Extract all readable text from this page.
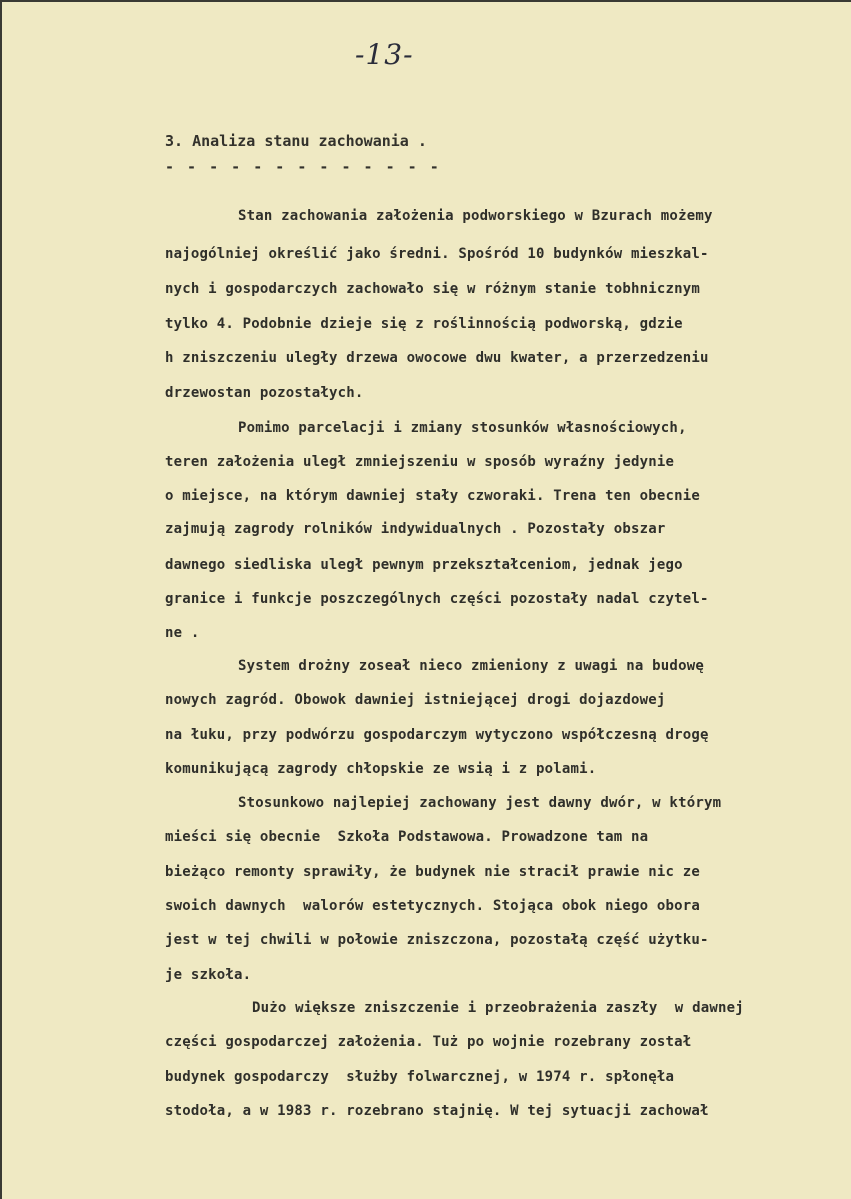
-13-
3. Analiza stanu zachowania .
- - - - - - - - - - - - -
Stan zachowania założenia podworskiego w Bzurach możemy
najogólniej określić jako średni. Spośród 10 budynków mieszkal-
nych i gospodarczych zachowało się w różnym stanie tobhnicznym
tylko 4. Podobnie dzieje się z roślinnością podworską, gdzie
h zniszczeniu uległy drzewa owocowe dwu kwater, a przerzedzeniu
drzewostan pozostałych.
Pomimo parcelacji i zmiany stosunków własnościowych,
teren założenia uległ zmniejszeniu w sposób wyraźny jedynie
o miejsce, na którym dawniej stały czworaki. Trena ten obecnie
zajmują zagrody rolników indywidualnych . Pozostały obszar
dawnego siedliska uległ pewnym przekształceniom, jednak jego
granice i funkcje poszczególnych części pozostały nadal czytel-
ne .
System drożny zoseał nieco zmieniony z uwagi na budowę
nowych zagród. Obowok dawniej istniejącej drogi dojazdowej
na łuku, przy podwórzu gospodarczym wytyczono współczesną drogę
komunikującą zagrody chłopskie ze wsią i z polami.
Stosunkowo najlepiej zachowany jest dawny dwór, w którym
mieści się obecnie  Szkoła Podstawowa. Prowadzone tam na
bieżąco remonty sprawiły, że budynek nie stracił prawie nic ze
swoich dawnych  walorów estetycznych. Stojąca obok niego obora
jest w tej chwili w połowie zniszczona, pozostałą część użytku-
je szkoła.
Dużo większe zniszczenie i przeobrażenia zaszły  w dawnej
części gospodarczej założenia. Tuż po wojnie rozebrany został
budynek gospodarczy  służby folwarcznej, w 1974 r. spłonęła
stodoła, a w 1983 r. rozebrano stajnię. W tej sytuacji zachował
